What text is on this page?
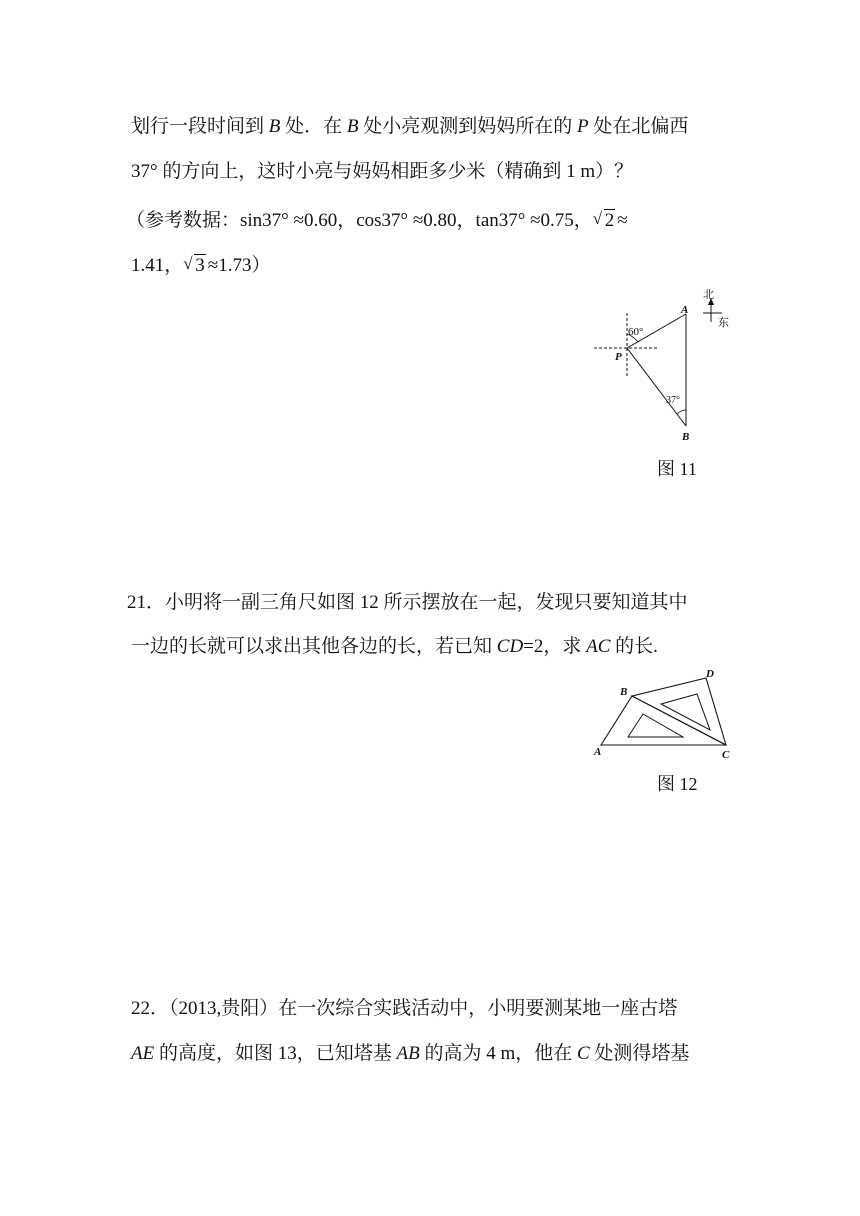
划行一段时间到 B 处．在 B 处小亮观测到妈妈所在的 P 处在北偏西
37° 的方向上，这时小亮与妈妈相距多少米（精确到 1 m）？
（参考数据：sin37° ≈0.60，cos37° ≈0.80，tan37° ≈0.75， √ 2 ≈
1.41， √ 3 ≈1.73）
北
东
60°
37°
A
P
B
图 11
21．小明将一副三角尺如图 12 所示摆放在一起，发现只要知道其中
一边的长就可以求出其他各边的长，若已知 CD=2，求 AC 的长.
A
B
C
D
图 12
22．（2013,贵阳）在一次综合实践活动中，小明要测某地一座古塔
AE 的高度，如图 13，已知塔基 AB 的高为 4 m，他在 C 处测得塔基
